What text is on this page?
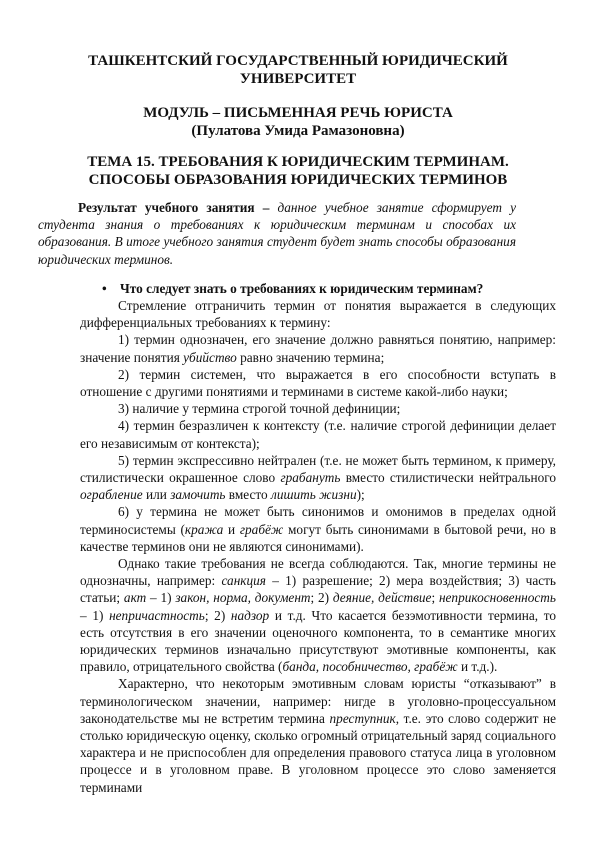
ТАШКЕНТСКИЙ ГОСУДАРСТВЕННЫЙ ЮРИДИЧЕСКИЙ УНИВЕРСИТЕТ
МОДУЛЬ – ПИСЬМЕННАЯ РЕЧЬ ЮРИСТА
(Пулатова Умида Рамазоновна)
ТЕМА 15. ТРЕБОВАНИЯ К ЮРИДИЧЕСКИМ ТЕРМИНАМ. СПОСОБЫ ОБРАЗОВАНИЯ ЮРИДИЧЕСКИХ ТЕРМИНОВ
Результат учебного занятия – данное учебное занятие сформирует у студента знания о требованиях к юридическим терминам и способах их образования. В итоге учебного занятия студент будет знать способы образования юридических терминов.
• Что следует знать о требованиях к юридическим терминам?

Стремление отграничить термин от понятия выражается в следующих дифференциальных требованиях к термину:

1) термин однозначен, его значение должно равняться понятию, например: значение понятия убийство равно значению термина;

2) термин системен, что выражается в его способности вступать в отношение с другими понятиями и терминами в системе какой-либо науки;

3) наличие у термина строгой точной дефиниции;

4) термин безразличен к контексту (т.е. наличие строгой дефиниции делает его независимым от контекста);

5) термин экспрессивно нейтрален (т.е. не может быть термином, к примеру, стилистически окрашенное слово грабануть вместо стилистически нейтрального ограбление или замочить вместо лишить жизни);

6) у термина не может быть синонимов и омонимов в пределах одной терминосистемы (кража и грабёж могут быть синонимами в бытовой речи, но в качестве терминов они не являются синонимами).

Однако такие требования не всегда соблюдаются. Так, многие термины не однозначны, например: санкция – 1) разрешение; 2) мера воздействия; 3) часть статьи; акт – 1) закон, норма, документ; 2) деяние, действие; неприкосновенность – 1) непричастность; 2) надзор и т.д. Что касается безэмотивности термина, то есть отсутствия в его значении оценочного компонента, то в семантике многих юридических терминов изначально присутствуют эмотивные компоненты, как правило, отрицательного свойства (банда, пособничество, грабёж и т.д.).

Характерно, что некоторым эмотивным словам юристы “отказывают” в терминологическом значении, например: нигде в уголовно-процессуальном законодательстве мы не встретим термина преступник, т.е. это слово содержит не столько юридическую оценку, сколько огромный отрицательный заряд социального характера и не приспособлен для определения правового статуса лица в уголовном процессе и в уголовном праве. В уголовном процессе это слово заменяется терминами
